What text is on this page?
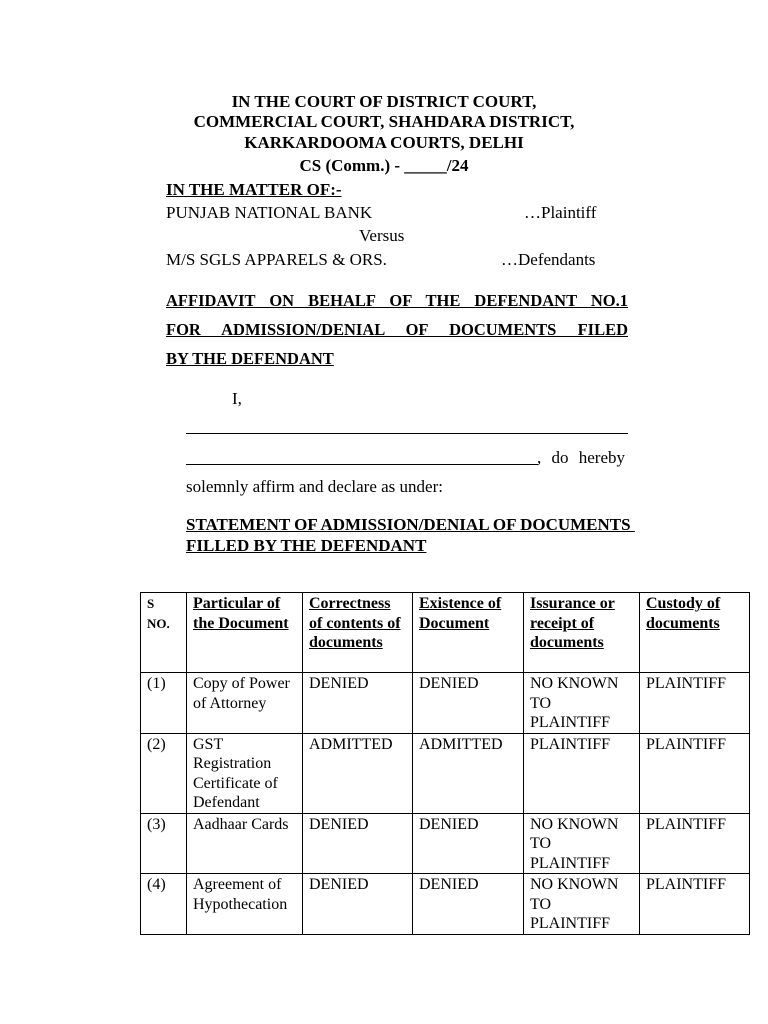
IN THE COURT OF DISTRICT COURT,
COMMERCIAL COURT, SHAHDARA DISTRICT,
KARKARDOOMA COURTS, DELHI
CS (Comm.) - _____/24
IN THE MATTER OF:-
PUNJAB NATIONAL BANK	…Plaintiff
Versus
M/S SGLS APPARELS & ORS.	…Defendants
AFFIDAVIT ON BEHALF OF THE DEFENDANT NO.1
FOR ADMISSION/DENIAL OF DOCUMENTS FILED
BY THE DEFENDANT
I,
, do hereby
solemnly affirm and declare as under:
STATEMENT OF ADMISSION/DENIAL OF DOCUMENTS
FILLED BY THE DEFENDANT
S NO.	Particular of the Document	Correctness of contents of documents	Existence of Document	Issurance or receipt of documents	Custody of documents
(1)	Copy of Power of Attorney	DENIED	DENIED	NO KNOWN TO PLAINTIFF	PLAINTIFF
(2)	GST Registration Certificate of Defendant	ADMITTED	ADMITTED	PLAINTIFF	PLAINTIFF
(3)	Aadhaar Cards	DENIED	DENIED	NO KNOWN TO PLAINTIFF	PLAINTIFF
(4)	Agreement of Hypothecation	DENIED	DENIED	NO KNOWN TO PLAINTIFF	PLAINTIFF
